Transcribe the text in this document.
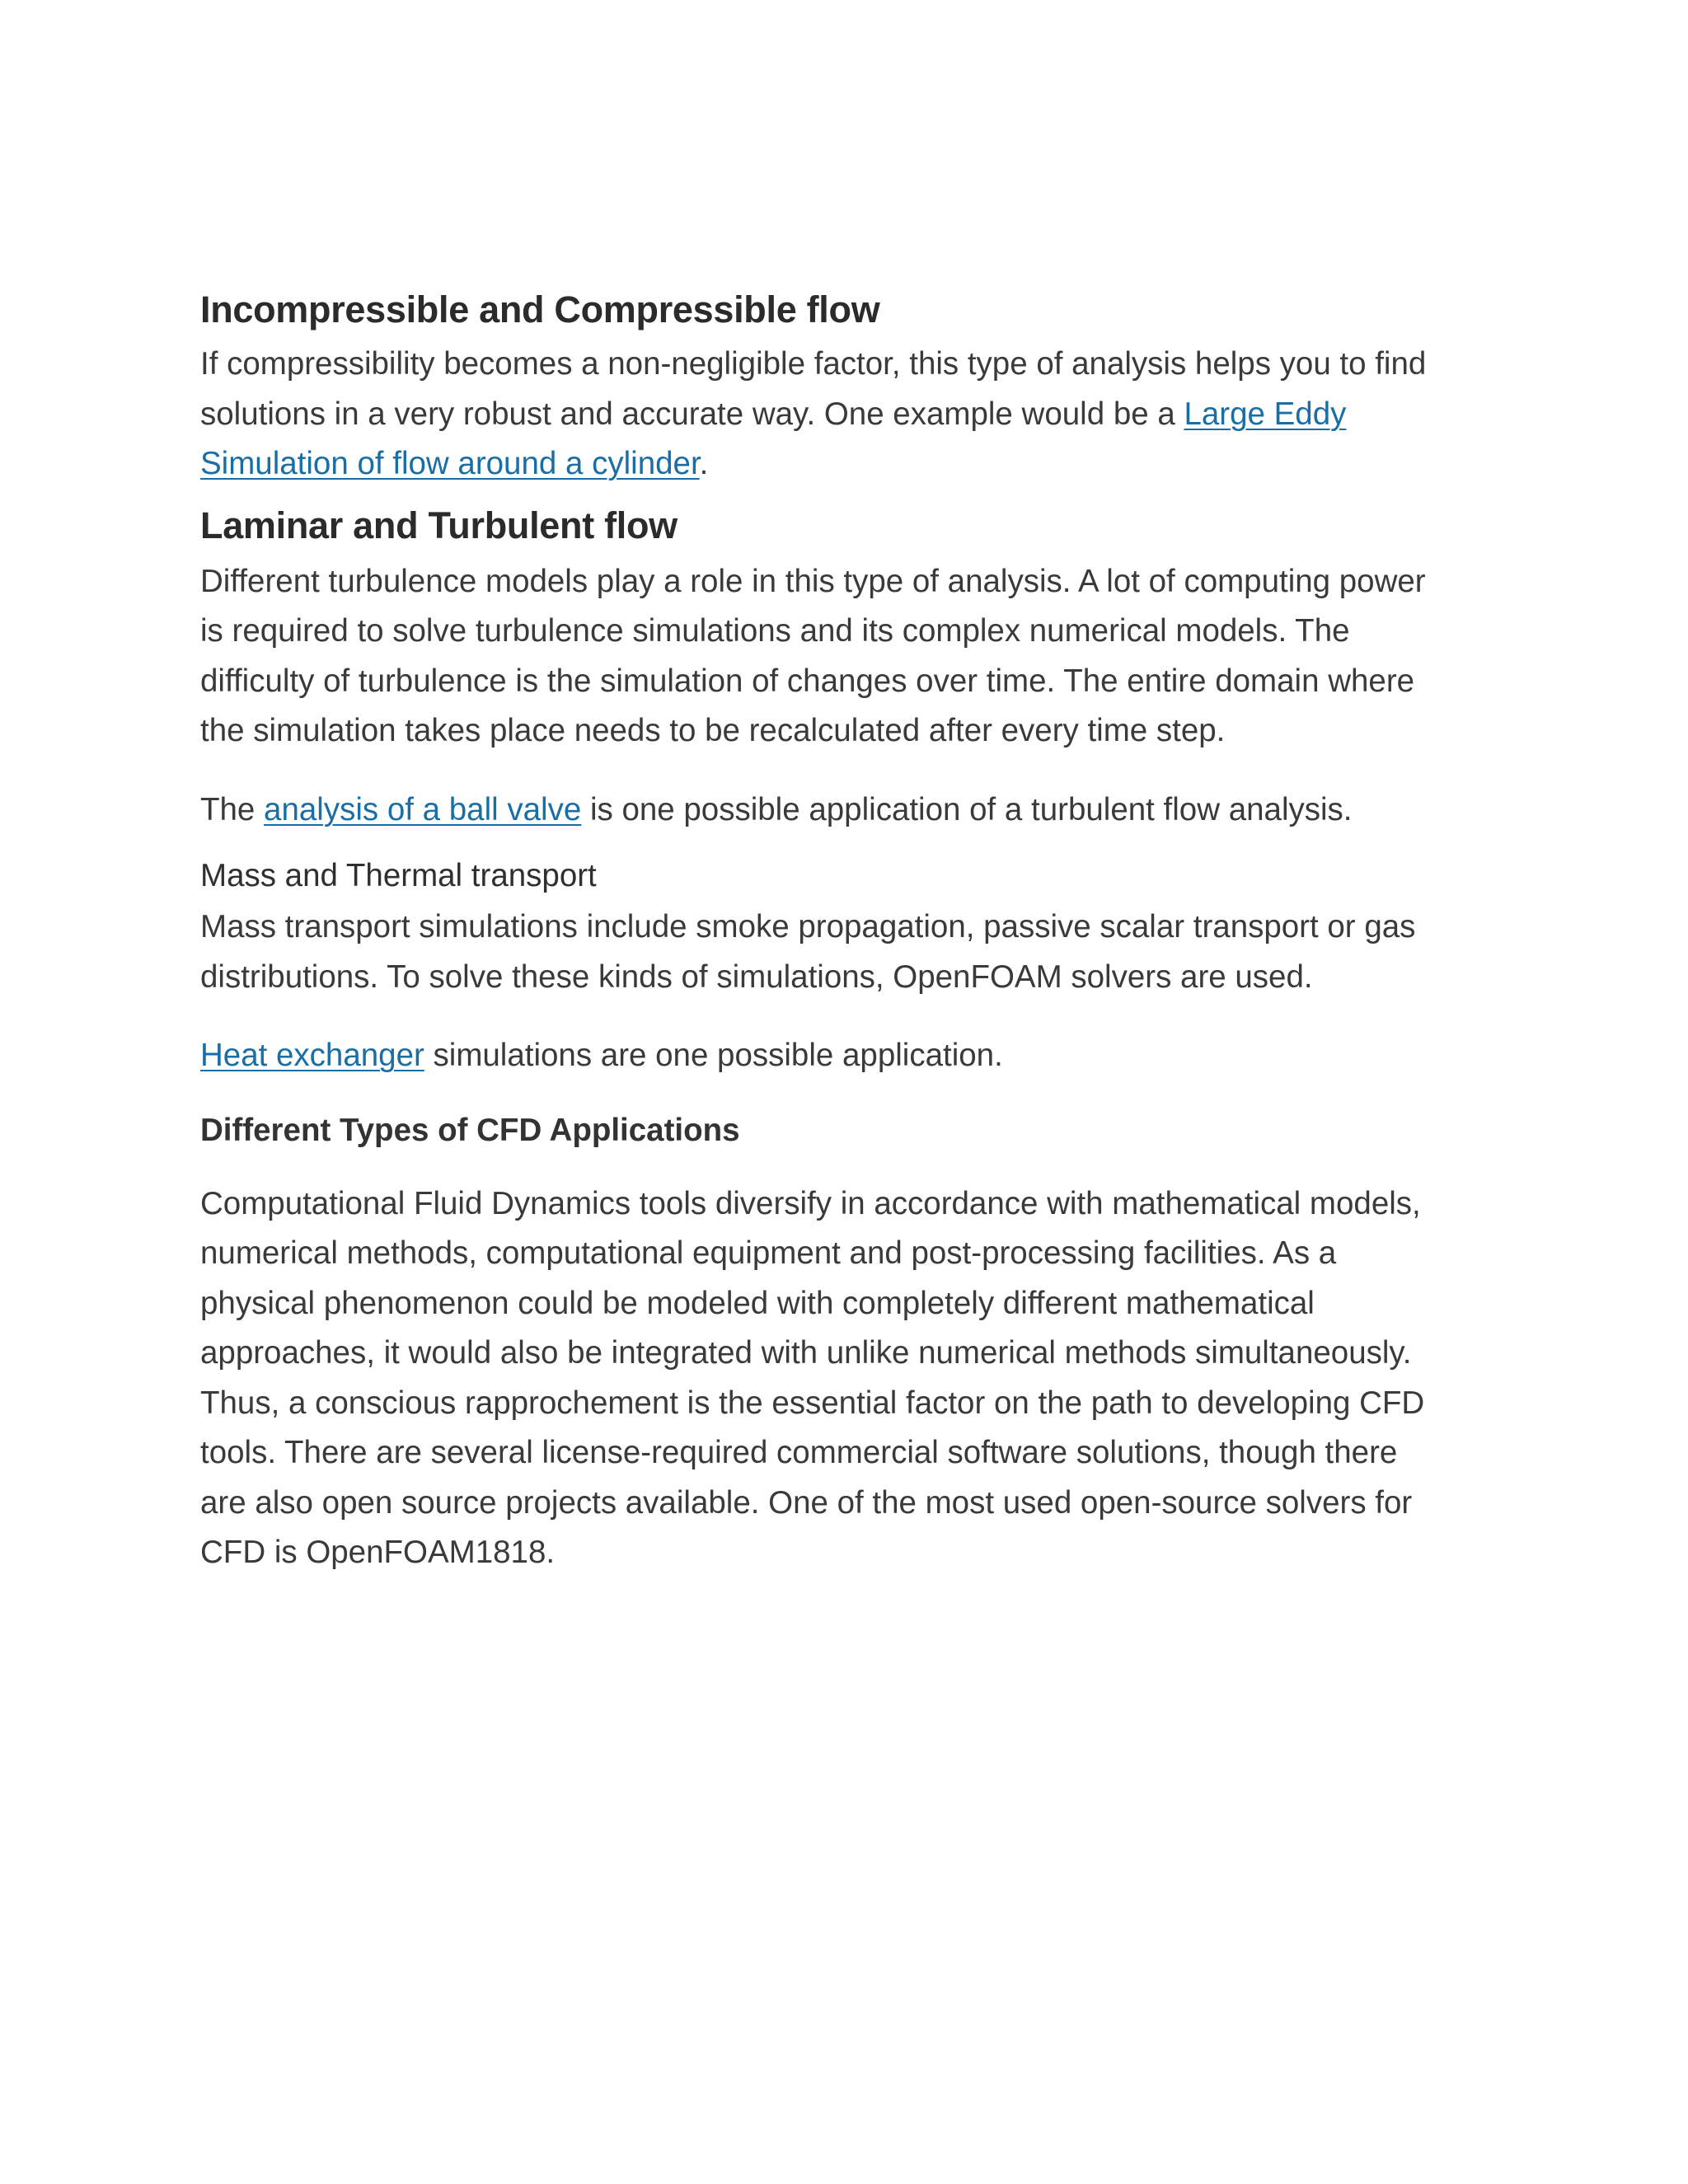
Incompressible and Compressible flow

If compressibility becomes a non-negligible factor, this type of analysis helps you to find
solutions in a very robust and accurate way. One example would be a Large Eddy
Simulation of flow around a cylinder.

Laminar and Turbulent flow

Different turbulence models play a role in this type of analysis. A lot of computing power
is required to solve turbulence simulations and its complex numerical models. The
difficulty of turbulence is the simulation of changes over time. The entire domain where
the simulation takes place needs to be recalculated after every time step.

The analysis of a ball valve is one possible application of a turbulent flow analysis.

Mass and Thermal transport

Mass transport simulations include smoke propagation, passive scalar transport or gas
distributions. To solve these kinds of simulations, OpenFOAM solvers are used.

Heat exchanger simulations are one possible application.

Different Types of CFD Applications

Computational Fluid Dynamics tools diversify in accordance with mathematical models,
numerical methods, computational equipment and post-processing facilities. As a
physical phenomenon could be modeled with completely different mathematical
approaches, it would also be integrated with unlike numerical methods simultaneously.
Thus, a conscious rapprochement is the essential factor on the path to developing CFD
tools. There are several license-required commercial software solutions, though there
are also open source projects available. One of the most used open-source solvers for
CFD is OpenFOAM1818.
